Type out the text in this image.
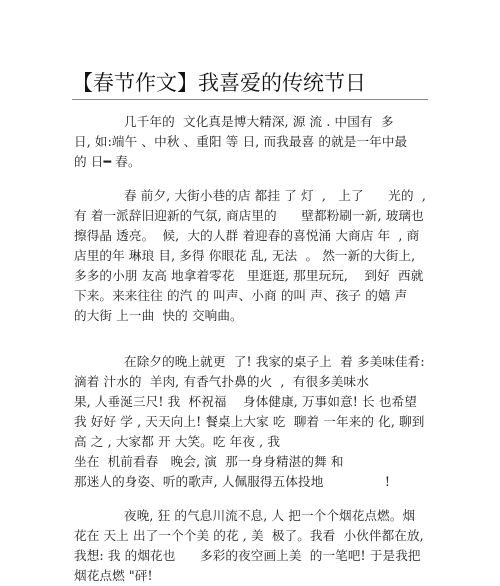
【春节作文】我喜爱的传统节日

几千年的  文化真是博大精深, 源 流 . 中国有  多    日, 如:端午 、中秋 、重阳 等 日, 而我最喜 的就是一年中最   的 日━ 春。

春 前夕, 大街小巷的店 都挂 了 灯  ,   上了      光的  , 有 着一派辞旧迎新的气氛, 商店里的      壁都粉刷一新, 玻璃也擦得晶 透亮。  候,  大的人群 着迎春的喜悦涌 大商店 年  , 商店里的年 琳琅 目, 多得 你眼花 乱, 无法  。 然一新的大街上,   多多的小朋 友高 地拿着零花   里逛逛, 那里玩玩,    到好  西就  下来。来来往往 的汽 的 叫声、小商 的叫 声、孩子 的嬉 声    的大街 上一曲  快的 交响曲。

在除夕的晚上就更  了! 我家的桌子上  着 多美味佳肴: 滴着 汁水的  羊肉, 有香气扑鼻的火  ,  有很多美味水
果, 人垂涎三尺! 我  杯祝福    身体健康, 万事如意! 长 也希望我 好好 学 , 天天向上! 餐桌上大家 吃  聊着 一年来的 化, 聊到高 之 , 大家都 开 大笑。吃 年夜 , 我
坐在  机前看春   晚会, 演  那一身身精湛的舞 和
那迷人的身姿、听的歌声, 人佩服得五体投地               !

夜晚, 狂 的气息川流不息, 人 把一个个烟花点燃。烟花在 天上 出了一个个美 的花 , 美  极了。我看  小伙伴都在放, 我想: 我 的烟花也      多彩的夜空画上美  的一笔吧! 于是我把烟花点燃 "砰!
